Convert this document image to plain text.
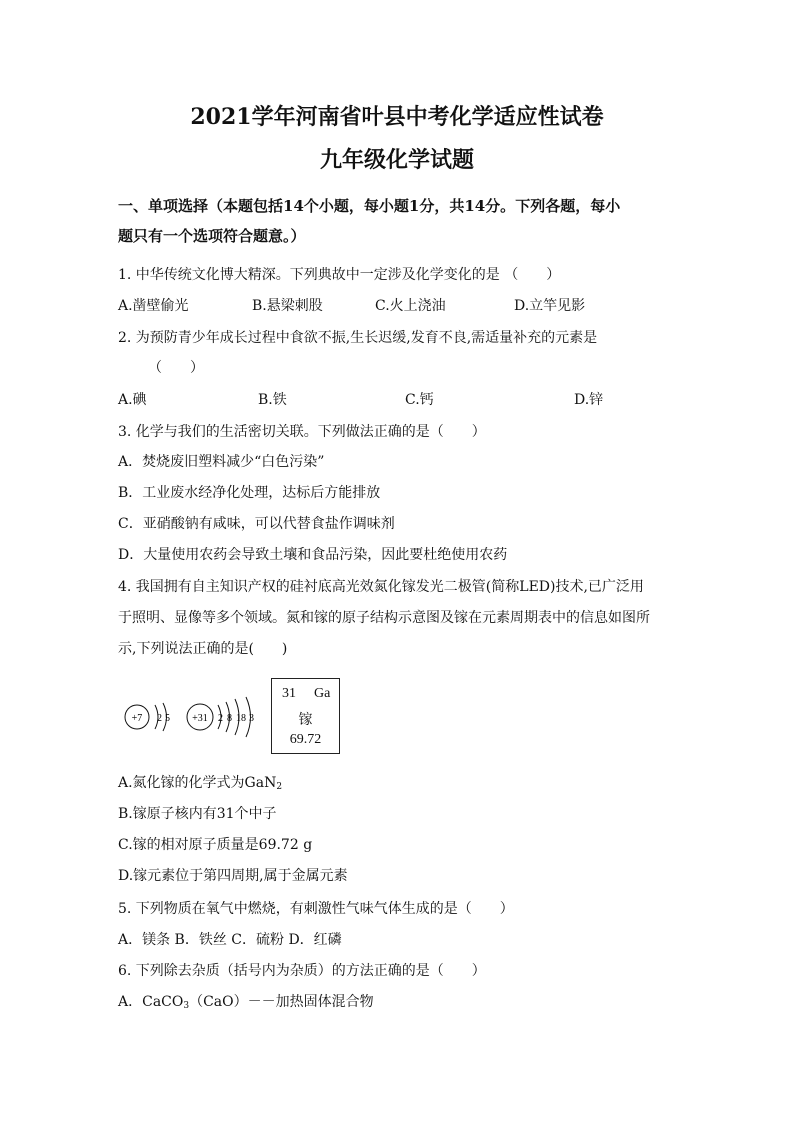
2021学年河南省叶县中考化学适应性试卷
九年级化学试题
一、单项选择（本题包括14个小题，每小题1分，共14分。下列各题，每小
题只有一个选项符合题意。）
1. 中华传统文化博大精深。下列典故中一定涉及化学变化的是 （　　）
A.凿壁偷光	B.悬梁刺股	C.火上浇油	D.立竿见影
2. 为预防青少年成长过程中食欲不振,生长迟缓,发育不良,需适量补充的元素是
（　　）
A.碘	B.铁	C.钙	D.锌
3. 化学与我们的生活密切关联。下列做法正确的是（　　）
A．焚烧废旧塑料减少“白色污染”
B．工业废水经净化处理，达标后方能排放
C．亚硝酸钠有咸味，可以代替食盐作调味剂
D．大量使用农药会导致土壤和食品污染，因此要杜绝使用农药
4. 我国拥有自主知识产权的硅衬底高光效氮化镓发光二极管(简称LED)技术,已广泛用
于照明、显像等多个领域。氮和镓的原子结构示意图及镓在元素周期表中的信息如图所
示,下列说法正确的是(　　)
+7 2 5 +31 2 8 18 3
31 Ga
镓
69.72
A.氮化镓的化学式为GaN$_2$
B.镓原子核内有31个中子
C.镓的相对原子质量是69.72 g
D.镓元素位于第四周期,属于金属元素
5. 下列物质在氧气中燃烧，有刺激性气味气体生成的是（　　）
A．镁条 B．铁丝 C．硫粉 D．红磷
6. 下列除去杂质（括号内为杂质）的方法正确的是（　　）
A．CaCO$_3$（CaO）－－加热固体混合物
